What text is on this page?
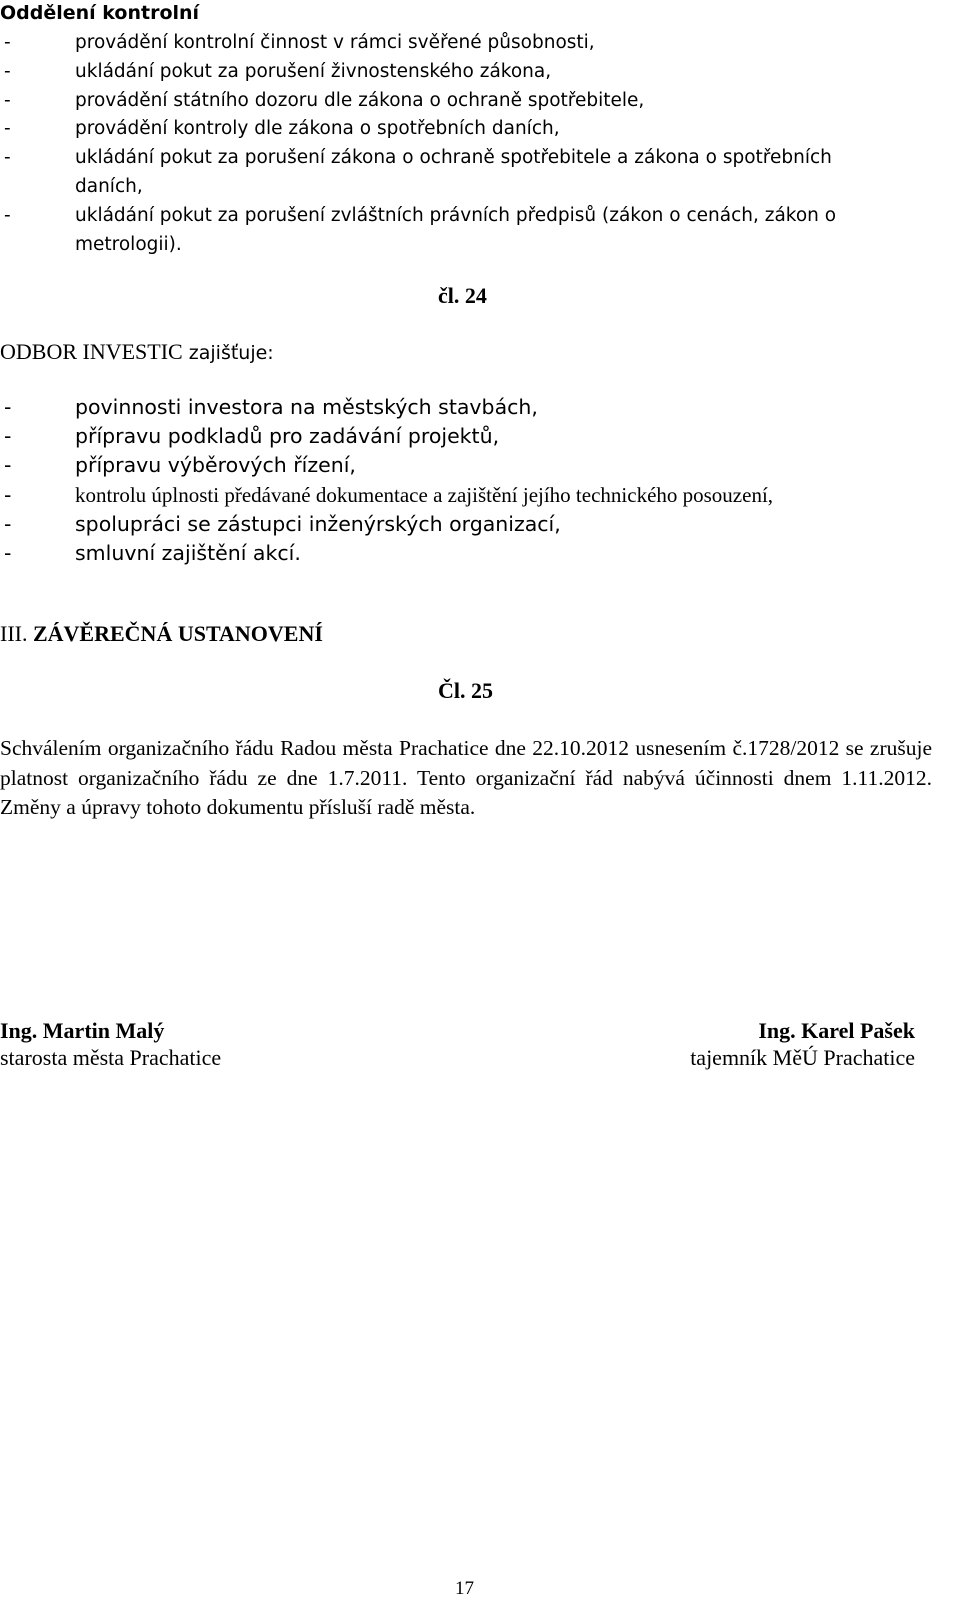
Oddělení kontrolní
-	provádění kontrolní činnost v rámci svěřené působnosti,
-	ukládání pokut za porušení živnostenského zákona,
-	provádění státního dozoru dle zákona o ochraně spotřebitele,
-	provádění kontroly dle zákona o spotřebních daních,
-	ukládání pokut za porušení zákona o ochraně spotřebitele a zákona o spotřebních daních,
-	ukládání pokut za porušení zvláštních právních předpisů (zákon o cenách, zákon o metrologii).
čl. 24
ODBOR INVESTIC zajišťuje:
-	povinnosti investora na městských stavbách,
-	přípravu podkladů pro zadávání projektů,
-	přípravu výběrových řízení,
-	kontrolu úplnosti předávané dokumentace a zajištění jejího technického posouzení,
-	spolupráci se zástupci inženýrských organizací,
-	smluvní zajištění akcí.
III. ZÁVĚREČNÁ USTANOVENÍ
Čl. 25

Schválením organizačního řádu Radou města Prachatice dne 22.10.2012 usnesením č.1728/2012 se zrušuje platnost organizačního řádu ze dne 1.7.2011. Tento organizační řád nabývá účinnosti dnem 1.11.2012. Změny a úpravy tohoto dokumentu přísluší radě města.

Ing. Martin Malý
starosta města Prachatice
Ing. Karel Pašek
tajemník MěÚ Prachatice
17
